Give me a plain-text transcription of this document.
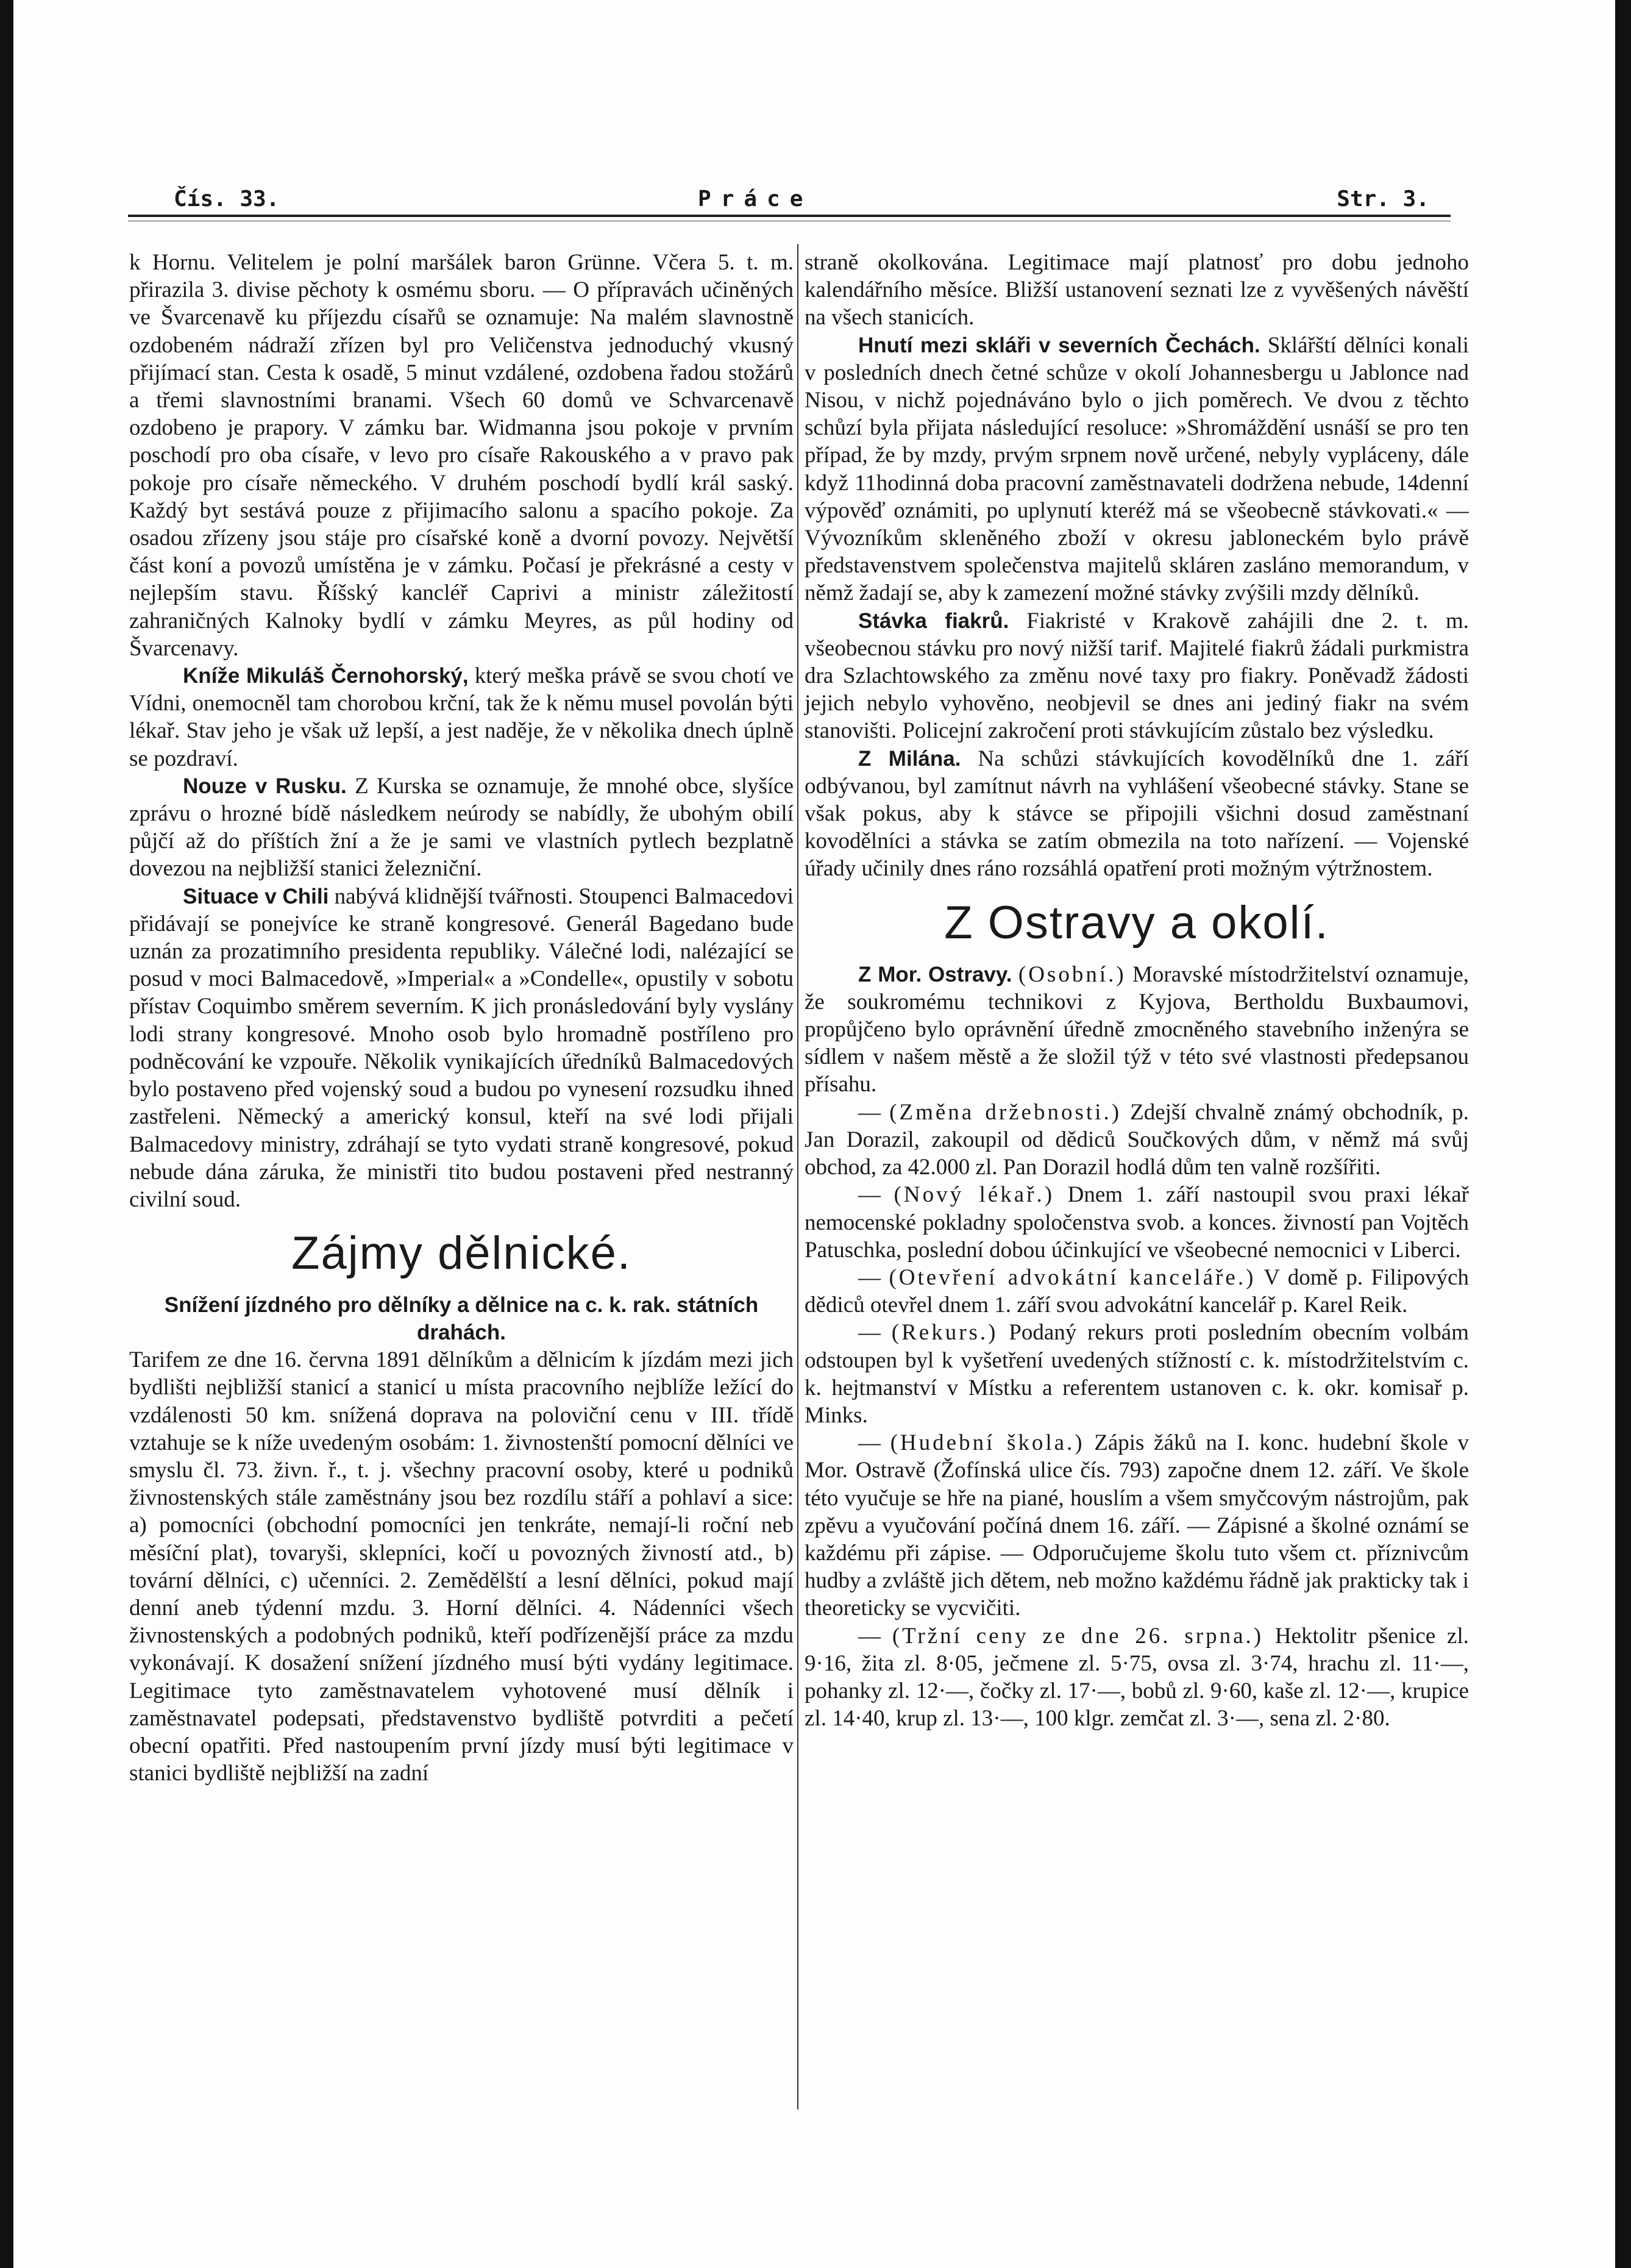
Čís. 33.	Práce	Str. 3.

k Hornu. Velitelem je polní maršálek baron Grünne. Včera 5. t. m. přirazila 3. divise pěchoty k osmému sboru. — O přípravách učiněných ve Švarcenavě ku příjezdu císařů se oznamuje: Na malém slavnostně ozdobeném nádraží zřízen byl pro Veličenstva jednoduchý vkusný přijímací stan. Cesta k osadě, 5 minut vzdálené, ozdobena řadou stožárů a třemi slavnostními branami. Všech 60 domů ve Schvarcenavě ozdobeno je prapory. V zámku bar. Widmanna jsou pokoje v prvním poschodí pro oba císaře, v levo pro císaře Rakouského a v pravo pak pokoje pro císaře německého. V druhém poschodí bydlí král saský. Každý byt sestává pouze z přijimacího salonu a spacího pokoje. Za osadou zřízeny jsou stáje pro císařské koně a dvorní povozy. Největší část koní a povozů umístěna je v zámku. Počasí je překrásné a cesty v nejlepším stavu. Říšský kancléř Caprivi a ministr záležitostí zahraničných Kalnoky bydlí v zámku Meyres, as půl hodiny od Švarcenavy.

Kníže Mikuláš Černohorský, který meška právě se svou chotí ve Vídni, onemocněl tam chorobou krční, tak že k němu musel povolán býti lékař. Stav jeho je však už lepší, a jest naděje, že v několika dnech úplně se pozdraví.

Nouze v Rusku. Z Kurska se oznamuje, že mnohé obce, slyšíce zprávu o hrozné bídě následkem neúrody se nabídly, že ubohým obilí půjčí až do příštích žní a že je sami ve vlastních pytlech bezplatně dovezou na nejbližší stanici železniční.

Situace v Chili nabývá klidnější tvářnosti. Stoupenci Balmacedovi přidávají se ponejvíce ke straně kongresové. Generál Bagedano bude uznán za prozatimního presidenta republiky. Válečné lodi, nalézající se posud v moci Balmacedově, »Imperial« a »Condelle«, opustily v sobotu přístav Coquimbo směrem severním. K jich pronásledování byly vyslány lodi strany kongresové. Mnoho osob bylo hromadně postříleno pro podněcování ke vzpouře. Několik vynikajících úředníků Balmacedových bylo postaveno před vojenský soud a budou po vynesení rozsudku ihned zastřeleni. Německý a americký konsul, kteří na své lodi přijali Balmacedovy ministry, zdráhají se tyto vydati straně kongresové, pokud nebude dána záruka, že ministři tito budou postaveni před nestranný civilní soud.

Zájmy dělnické.
Snížení jízdného pro dělníky a dělnice na c. k. rak. státních drahách.

Tarifem ze dne 16. června 1891 dělníkům a dělnicím k jízdám mezi jich bydlišti nejbližší stanicí a stanicí u místa pracovního nejblíže ležící do vzdálenosti 50 km. snížená doprava na poloviční cenu v III. třídě vztahuje se k níže uvedeným osobám: 1. živnostenští pomocní dělníci ve smyslu čl. 73. živn. ř., t. j. všechny pracovní osoby, které u podniků živnostenských stále zaměstnány jsou bez rozdílu stáří a pohlaví a sice: a) pomocníci (obchodní pomocníci jen tenkráte, nemají-li roční neb měsíční plat), tovaryši, sklepníci, kočí u povozných živností atd., b) tovární dělníci, c) učenníci. 2. Zemědělští a lesní dělníci, pokud mají denní aneb týdenní mzdu. 3. Horní dělníci. 4. Nádenníci všech živnostenských a podobných podniků, kteří podřízenější práce za mzdu vykonávají. K dosažení snížení jízdného musí býti vydány legitimace. Legitimace tyto zaměstnavatelem vyhotovené musí dělník i zaměstnavatel podepsati, představenstvo bydliště potvrditi a pečetí obecní opatřiti. Před nastoupením první jízdy musí býti legitimace v stanici bydliště nejbližší na zadní

straně okolkována. Legitimace mají platnosť pro dobu jednoho kalendářního měsíce. Bližší ustanovení seznati lze z vyvěšených návěští na všech stanicích.

Hnutí mezi skláři v severních Čechách. Sklářští dělníci konali v posledních dnech četné schůze v okolí Johannesbergu u Jablonce nad Nisou, v nichž pojednáváno bylo o jich poměrech. Ve dvou z těchto schůzí byla přijata následující resoluce: »Shromáždění usnáší se pro ten případ, že by mzdy, prvým srpnem nově určené, nebyly vypláceny, dále když 11hodinná doba pracovní zaměstnavateli dodržena nebude, 14denní výpověď oznámiti, po uplynutí kteréž má se všeobecně stávkovati.« — Vývozníkům skleněného zboží v okresu jabloneckém bylo právě představenstvem společenstva majitelů skláren zasláno memorandum, v němž žadají se, aby k zamezení možné stávky zvýšili mzdy dělníků.

Stávka fiakrů. Fiakristé v Krakově zahájili dne 2. t. m. všeobecnou stávku pro nový nižší tarif. Majitelé fiakrů žádali purkmistra dra Szlachtowského za změnu nové taxy pro fiakry. Poněvadž žádosti jejich nebylo vyhověno, neobjevil se dnes ani jediný fiakr na svém stanovišti. Policejní zakročení proti stávkujícím zůstalo bez výsledku.

Z Milána. Na schůzi stávkujících kovodělníků dne 1. září odbývanou, byl zamítnut návrh na vyhlášení všeobecné stávky. Stane se však pokus, aby k stávce se připojili všichni dosud zaměstnaní kovodělníci a stávka se zatím obmezila na toto nařízení. — Vojenské úřady učinily dnes ráno rozsáhlá opatření proti možným výtržnostem.

Z Ostravy a okolí.

Z Mor. Ostravy. (Osobní.) Moravské místodržitelství oznamuje, že soukromému technikovi z Kyjova, Bertholdu Buxbaumovi, propůjčeno bylo oprávnění úředně zmocněného stavebního inženýra se sídlem v našem městě a že složil týž v této své vlastnosti předepsanou přísahu.

— (Změna držebnosti.) Zdejší chvalně známý obchodník, p. Jan Dorazil, zakoupil od dědiců Součkových dům, v němž má svůj obchod, za 42.000 zl. Pan Dorazil hodlá dům ten valně rozšířiti.

— (Nový lékař.) Dnem 1. září nastoupil svou praxi lékař nemocenské pokladny spoločenstva svob. a konces. živností pan Vojtěch Patuschka, poslední dobou účinkující ve všeobecné nemocnici v Liberci.

— (Otevření advokátní kanceláře.) V domě p. Filipových dědiců otevřel dnem 1. září svou advokátní kancelář p. Karel Reik.

— (Rekurs.) Podaný rekurs proti posledním obecním volbám odstoupen byl k vyšetření uvedených stížností c. k. místodržitelstvím c. k. hejtmanství v Místku a referentem ustanoven c. k. okr. komisař p. Minks.

— (Hudební škola.) Zápis žáků na I. konc. hudební škole v Mor. Ostravě (Žofínská ulice čís. 793) započne dnem 12. září. Ve škole této vyučuje se hře na piané, houslím a všem smyčcovým nástrojům, pak zpěvu a vyučování počíná dnem 16. září. — Zápisné a školné oznámí se každému při zápise. — Odporučujeme školu tuto všem ct. příznivcům hudby a zvláště jich dětem, neb možno každému řádně jak prakticky tak i theoreticky se vycvičiti.

— (Tržní ceny ze dne 26. srpna.) Hektolitr pšenice zl. 9·16, žita zl. 8·05, ječmene zl. 5·75, ovsa zl. 3·74, hrachu zl. 11·—, pohanky zl. 12·—, čočky zl. 17·—, bobů zl. 9·60, kaše zl. 12·—, krupice zl. 14·40, krup zl. 13·—, 100 klgr. zemčat zl. 3·—, sena zl. 2·80.
